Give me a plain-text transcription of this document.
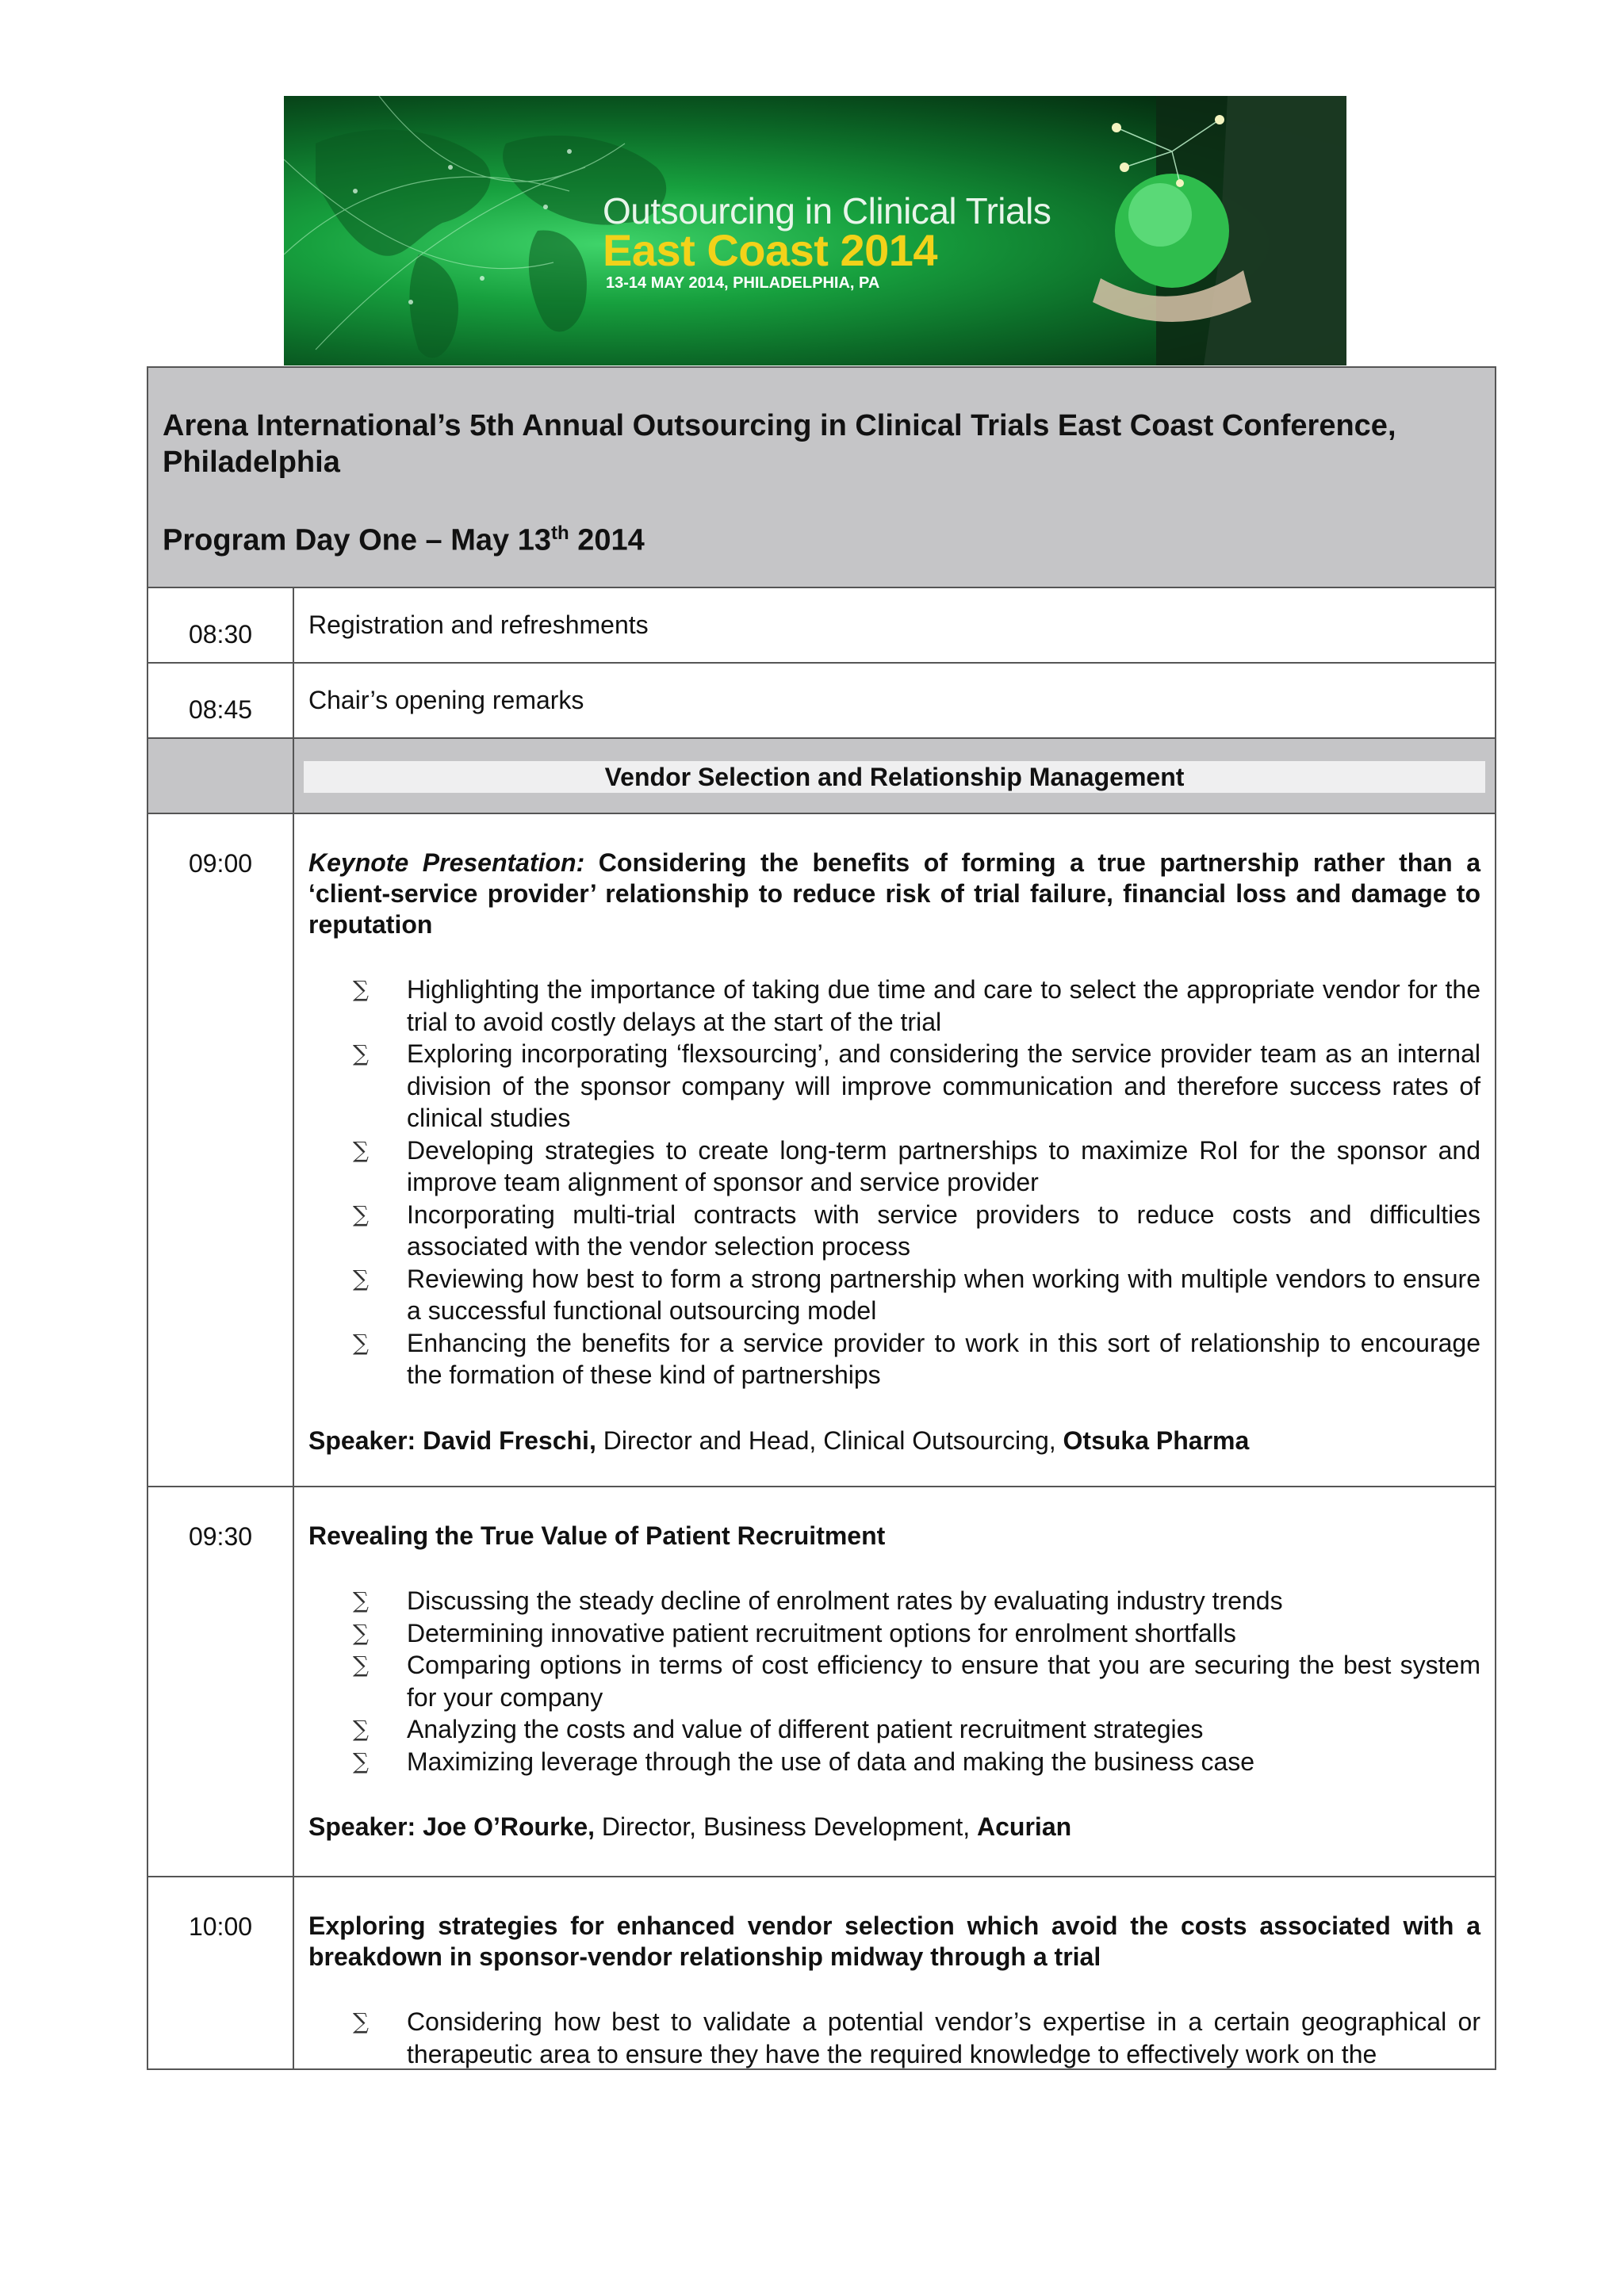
Outsourcing in Clinical Trials
East Coast 2014
13-14 MAY 2014, PHILADELPHIA, PA
Arena International’s 5th Annual Outsourcing in Clinical Trials East Coast Conference, Philadelphia
Program Day One – May 13th 2014
08:30	Registration and refreshments
08:45	Chair’s opening remarks
Vendor Selection and Relationship Management
09:00	Keynote Presentation: Considering the benefits of forming a true partnership rather than a ‘client-service provider’ relationship to reduce risk of trial failure, financial loss and damage to reputation
∑ Highlighting the importance of taking due time and care to select the appropriate vendor for the trial to avoid costly delays at the start of the trial
∑ Exploring incorporating ‘flexsourcing’, and considering the service provider team as an internal division of the sponsor company will improve communication and therefore success rates of clinical studies
∑ Developing strategies to create long-term partnerships to maximize RoI for the sponsor and improve team alignment of sponsor and service provider
∑ Incorporating multi-trial contracts with service providers to reduce costs and difficulties associated with the vendor selection process
∑ Reviewing how best to form a strong partnership when working with multiple vendors to ensure a successful functional outsourcing model
∑ Enhancing the benefits for a service provider to work in this sort of relationship to encourage the formation of these kind of partnerships
Speaker: David Freschi, Director and Head, Clinical Outsourcing, Otsuka Pharma
09:30	Revealing the True Value of Patient Recruitment
∑ Discussing the steady decline of enrolment rates by evaluating industry trends
∑ Determining innovative patient recruitment options for enrolment shortfalls
∑ Comparing options in terms of cost efficiency to ensure that you are securing the best system for your company
∑ Analyzing the costs and value of different patient recruitment strategies
∑ Maximizing leverage through the use of data and making the business case
Speaker: Joe O’Rourke, Director, Business Development, Acurian
10:00	Exploring strategies for enhanced vendor selection which avoid the costs associated with a breakdown in sponsor-vendor relationship midway through a trial
∑ Considering how best to validate a potential vendor’s expertise in a certain geographical or therapeutic area to ensure they have the required knowledge to effectively work on the
